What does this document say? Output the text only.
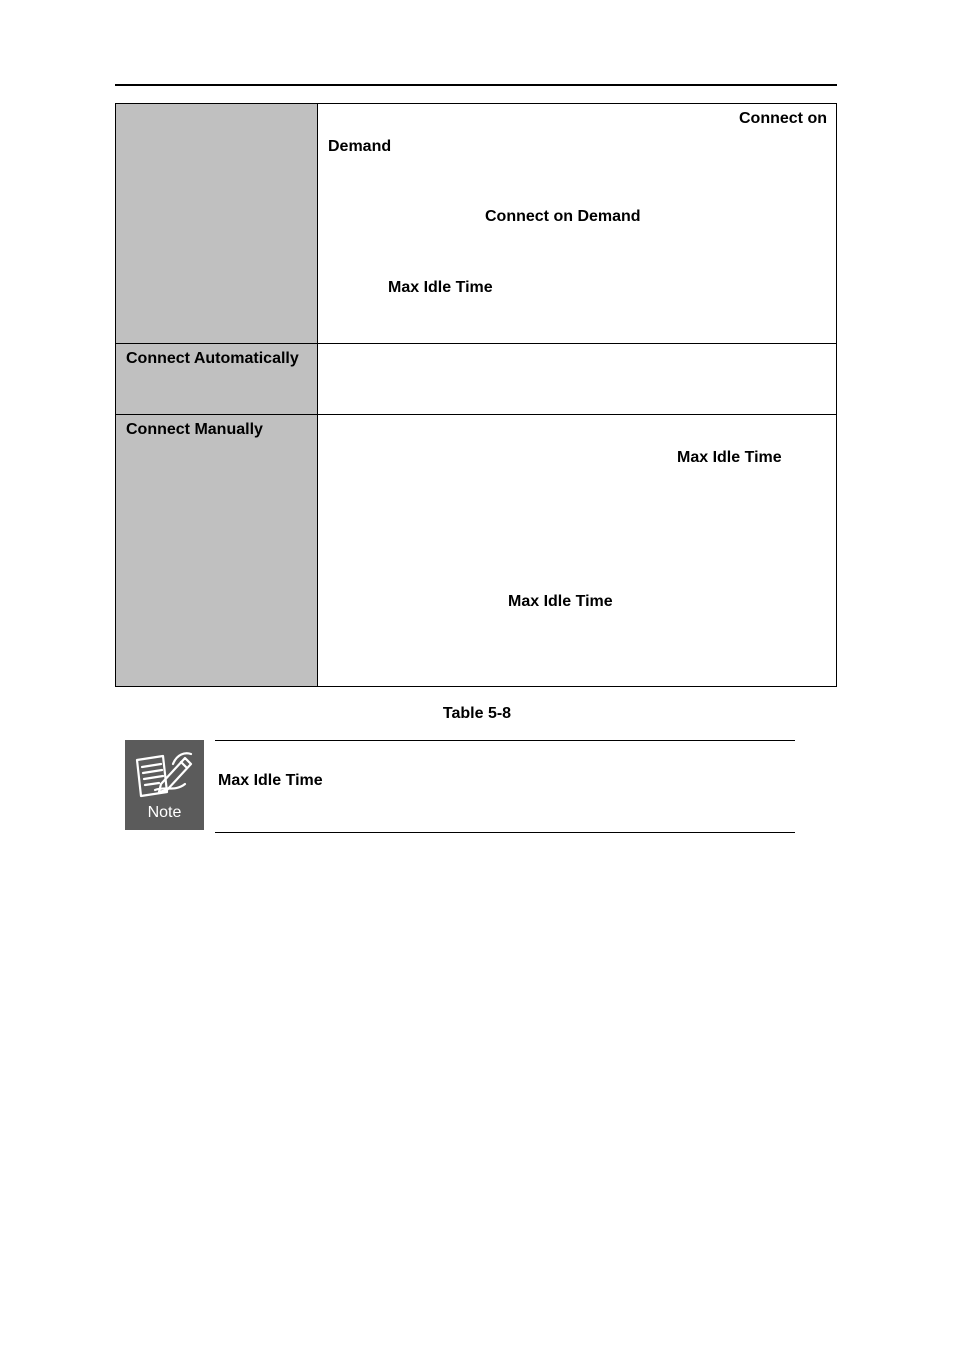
	Connect on
Demand
Connect on Demand
Max Idle Time

Connect Automatically	

Connect Manually	Max Idle Time
Max Idle Time
Table 5-8
Note
Max Idle Time
